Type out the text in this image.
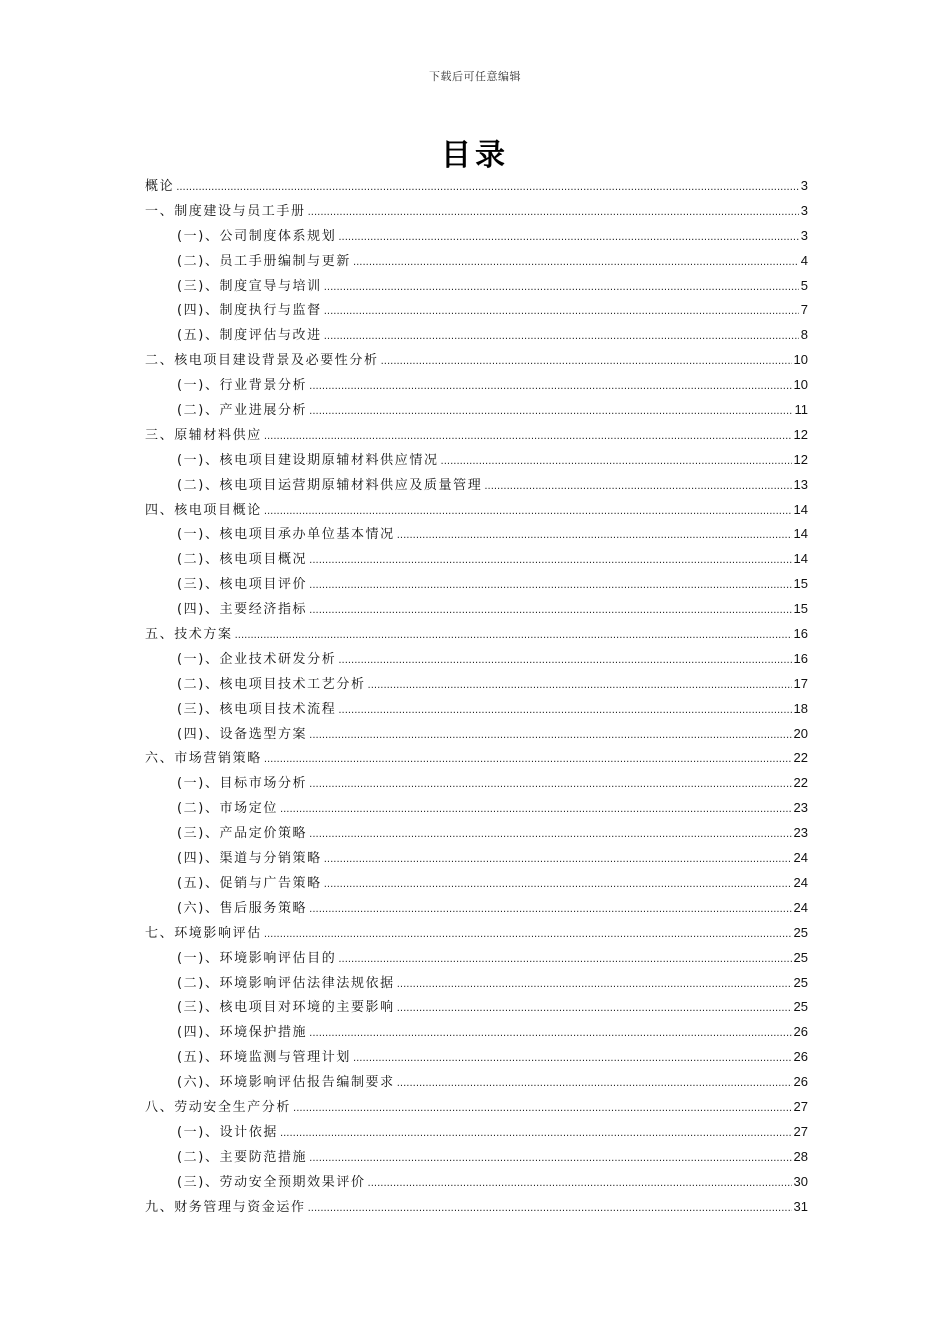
下载后可任意编辑
目录
概论 .....	3
一、制度建设与员工手册 .....	3
(一)、公司制度体系规划 .....	3
(二)、员工手册编制与更新 .....	4
(三)、制度宣导与培训 .....	5
(四)、制度执行与监督 .....	7
(五)、制度评估与改进 .....	8
二、核电项目建设背景及必要性分析 .....	10
(一)、行业背景分析 .....	10
(二)、产业进展分析 .....	11
三、原辅材料供应 .....	12
(一)、核电项目建设期原辅材料供应情况 .....	12
(二)、核电项目运营期原辅材料供应及质量管理 .....	13
四、核电项目概论 .....	14
(一)、核电项目承办单位基本情况 .....	14
(二)、核电项目概况 .....	14
(三)、核电项目评价 .....	15
(四)、主要经济指标 .....	15
五、技术方案 .....	16
(一)、企业技术研发分析 .....	16
(二)、核电项目技术工艺分析 .....	17
(三)、核电项目技术流程 .....	18
(四)、设备选型方案 .....	20
六、市场营销策略 .....	22
(一)、目标市场分析 .....	22
(二)、市场定位 .....	23
(三)、产品定价策略 .....	23
(四)、渠道与分销策略 .....	24
(五)、促销与广告策略 .....	24
(六)、售后服务策略 .....	24
七、环境影响评估 .....	25
(一)、环境影响评估目的 .....	25
(二)、环境影响评估法律法规依据 .....	25
(三)、核电项目对环境的主要影响 .....	25
(四)、环境保护措施 .....	26
(五)、环境监测与管理计划 .....	26
(六)、环境影响评估报告编制要求 .....	26
八、劳动安全生产分析 .....	27
(一)、设计依据 .....	27
(二)、主要防范措施 .....	28
(三)、劳动安全预期效果评价 .....	30
九、财务管理与资金运作 .....	31
